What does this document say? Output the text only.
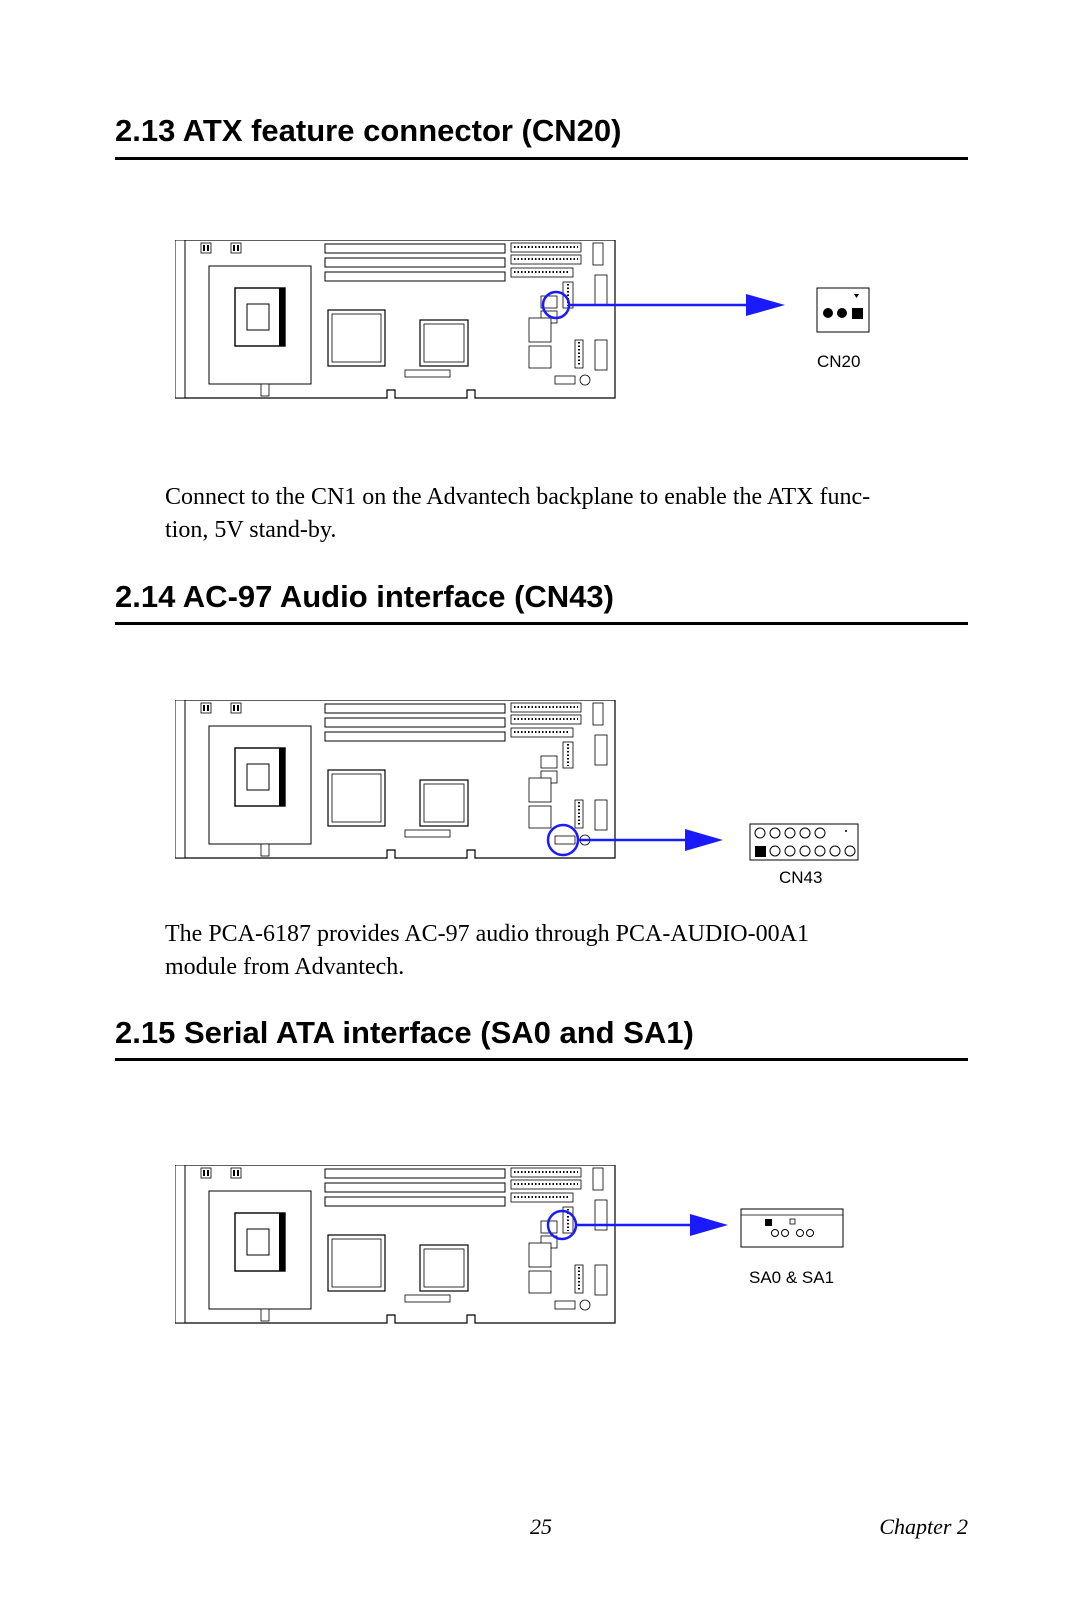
2.13 ATX feature connector (CN20)
CN20
Connect to the CN1 on the Advantech backplane to enable the ATX func-
tion, 5V stand-by.
2.14 AC-97 Audio interface (CN43)
CN43
The PCA-6187 provides AC-97 audio through PCA-AUDIO-00A1
module from Advantech.
2.15 Serial ATA interface (SA0 and SA1)
SA0 & SA1
25	Chapter 2
